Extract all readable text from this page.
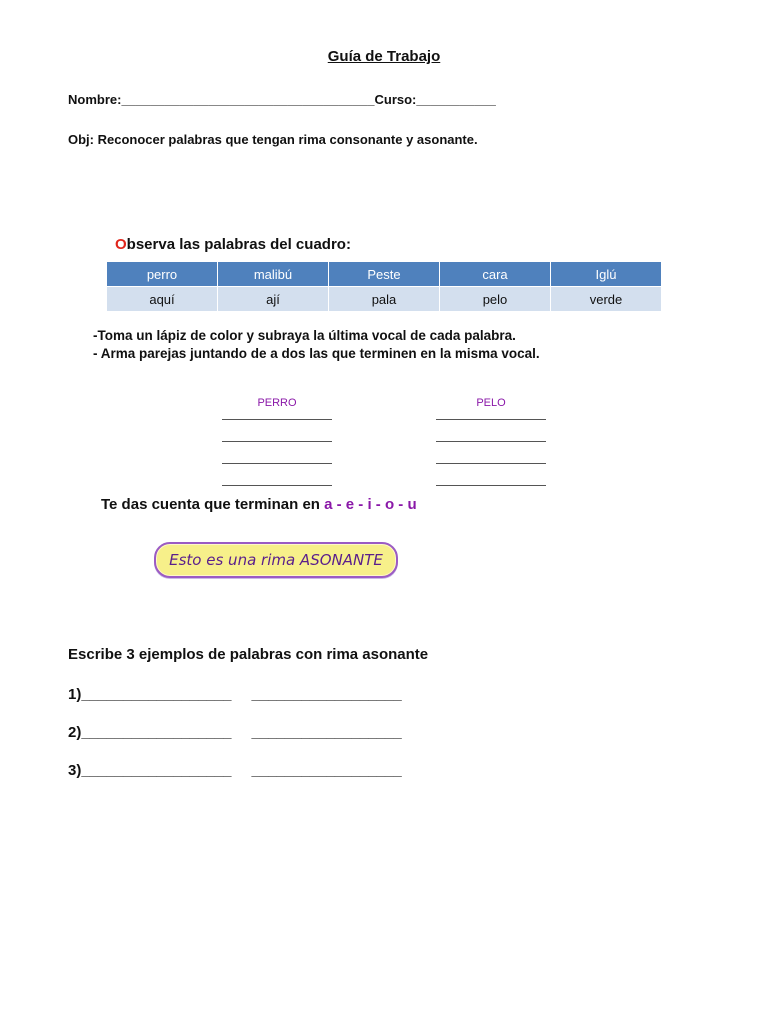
Guía de Trabajo
Nombre:___________________________________Curso:___________
Obj: Reconocer palabras que tengan rima consonante y asonante.
Observa las palabras del cuadro:
perro	malibú	Peste	cara	Iglú
aquí	ají	pala	pelo	verde
-Toma un lápiz de color y subraya la última vocal de cada palabra.
- Arma parejas juntando de a dos las que terminen en la misma vocal.
PERRO	PELO
Te das cuenta que terminan en a - e - i - o - u
Esto es una rima ASONANTE
Escribe 3 ejemplos de palabras con rima asonante
1)__________________ __________________
2)__________________ __________________
3)__________________ __________________
